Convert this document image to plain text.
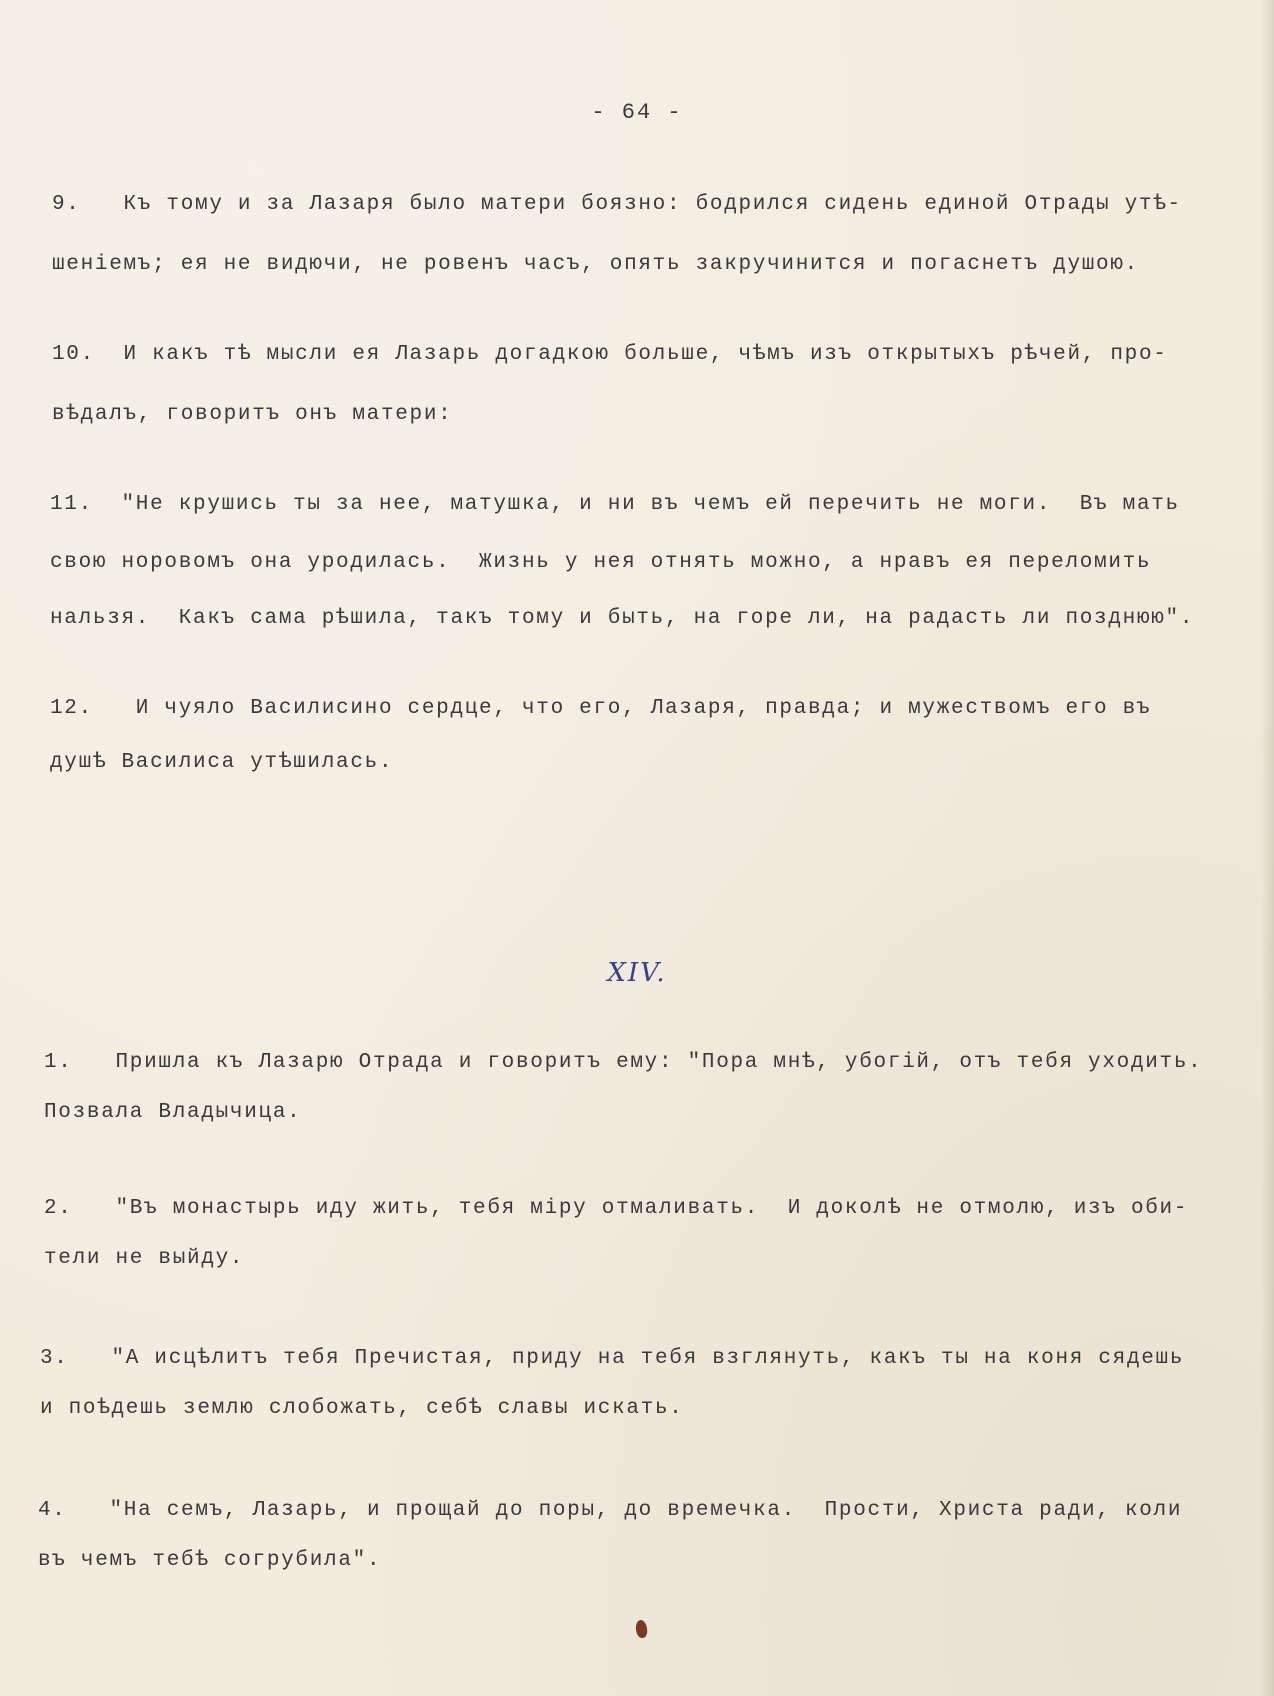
- 64 -
9.   Къ тому и за Лазаря было матери боязно: бодрился сидень единой Отрады утѣ-
шеніемъ; ея не видючи, не ровенъ часъ, опять закручинится и погаснетъ душою.
10.  И какъ тѣ мысли ея Лазарь догадкою больше, чѣмъ изъ открытыхъ рѣчей, про-
вѣдалъ, говоритъ онъ матери:
11.  "Не крушись ты за нее, матушка, и ни въ чемъ ей перечить не моги.  Въ мать
свою норовомъ она уродилась.  Жизнь у нея отнять можно, а нравъ ея переломить
нальзя.  Какъ сама рѣшила, такъ тому и быть, на горе ли, на радасть ли позднюю".
12.   И чуяло Василисино сердце, что его, Лазаря, правда; и мужествомъ его въ
душѣ Василиса утѣшилась.
XIV.
1.   Пришла къ Лазарю Отрада и говоритъ ему: "Пора мнѣ, убогій, отъ тебя уходить.
Позвала Владычица.
2.   "Въ монастырь иду жить, тебя міру отмаливать.  И доколѣ не отмолю, изъ оби-
тели не выйду.
3.   "А исцѣлитъ тебя Пречистая, приду на тебя взглянуть, какъ ты на коня сядешь
и поѣдешь землю слобожать, себѣ славы искать.
4.   "На семъ, Лазарь, и прощай до поры, до времечка.  Прости, Христа ради, коли
въ чемъ тебѣ согрубила".
